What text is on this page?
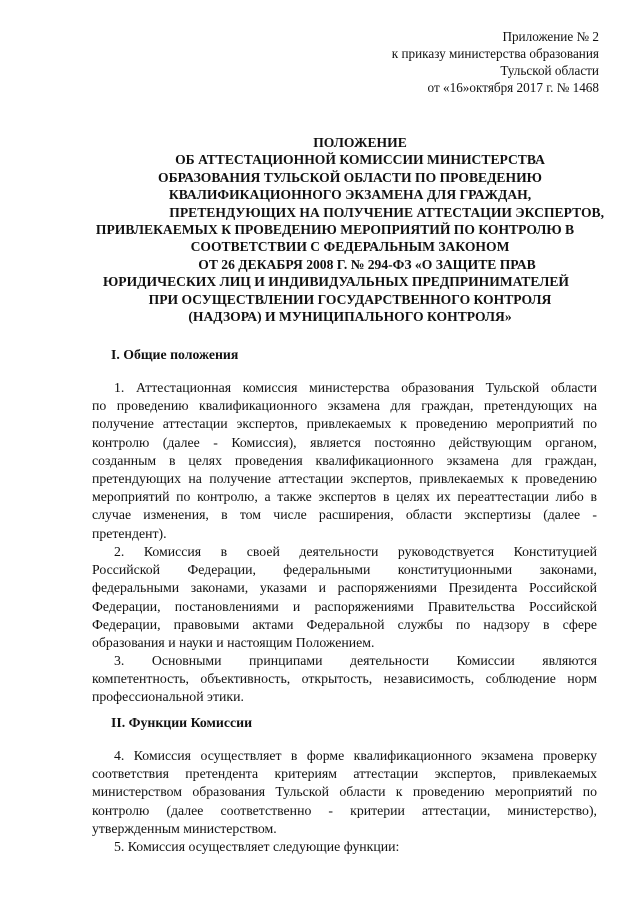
Приложение № 2
к приказу министерства образования
Тульской области
от «16»октября 2017 г. № 1468
ПОЛОЖЕНИЕ
ОБ АТТЕСТАЦИОННОЙ КОМИССИИ МИНИСТЕРСТВА
ОБРАЗОВАНИЯ ТУЛЬСКОЙ ОБЛАСТИ ПО ПРОВЕДЕНИЮ
КВАЛИФИКАЦИОННОГО ЭКЗАМЕНА ДЛЯ ГРАЖДАН,
ПРЕТЕНДУЮЩИХ НА ПОЛУЧЕНИЕ АТТЕСТАЦИИ ЭКСПЕРТОВ,
ПРИВЛЕКАЕМЫХ К ПРОВЕДЕНИЮ МЕРОПРИЯТИЙ ПО КОНТРОЛЮ В
СООТВЕТСТВИИ С ФЕДЕРАЛЬНЫМ ЗАКОНОМ
ОТ 26 ДЕКАБРЯ 2008 Г. № 294-ФЗ «О ЗАЩИТЕ ПРАВ
ЮРИДИЧЕСКИХ ЛИЦ И ИНДИВИДУАЛЬНЫХ ПРЕДПРИНИМАТЕЛЕЙ
ПРИ ОСУЩЕСТВЛЕНИИ ГОСУДАРСТВЕННОГО КОНТРОЛЯ
(НАДЗОРА) И МУНИЦИПАЛЬНОГО КОНТРОЛЯ»
I. Общие положения
1. Аттестационная комиссия министерства образования Тульской области
по проведению квалификационного экзамена для граждан, претендующих на
получение аттестации экспертов, привлекаемых к проведению мероприятий по
контролю (далее - Комиссия), является постоянно действующим органом,
созданным в целях проведения квалификационного экзамена для граждан,
претендующих на получение аттестации экспертов, привлекаемых к проведению
мероприятий по контролю, а также экспертов в целях их переаттестации либо в
случае изменения, в том числе расширения, области экспертизы (далее -
претендент).
2. Комиссия в своей деятельности руководствуется Конституцией
Российской Федерации, федеральными конституционными законами,
федеральными законами, указами и распоряжениями Президента Российской
Федерации, постановлениями и распоряжениями Правительства Российской
Федерации, правовыми актами Федеральной службы по надзору в сфере
образования и науки и настоящим Положением.
3. Основными принципами деятельности Комиссии являются
компетентность, объективность, открытость, независимость, соблюдение норм
профессиональной этики.
II. Функции Комиссии
4. Комиссия осуществляет в форме квалификационного экзамена проверку
соответствия претендента критериям аттестации экспертов, привлекаемых
министерством образования Тульской области к проведению мероприятий по
контролю (далее соответственно - критерии аттестации, министерство),
утвержденным министерством.
5. Комиссия осуществляет следующие функции:
